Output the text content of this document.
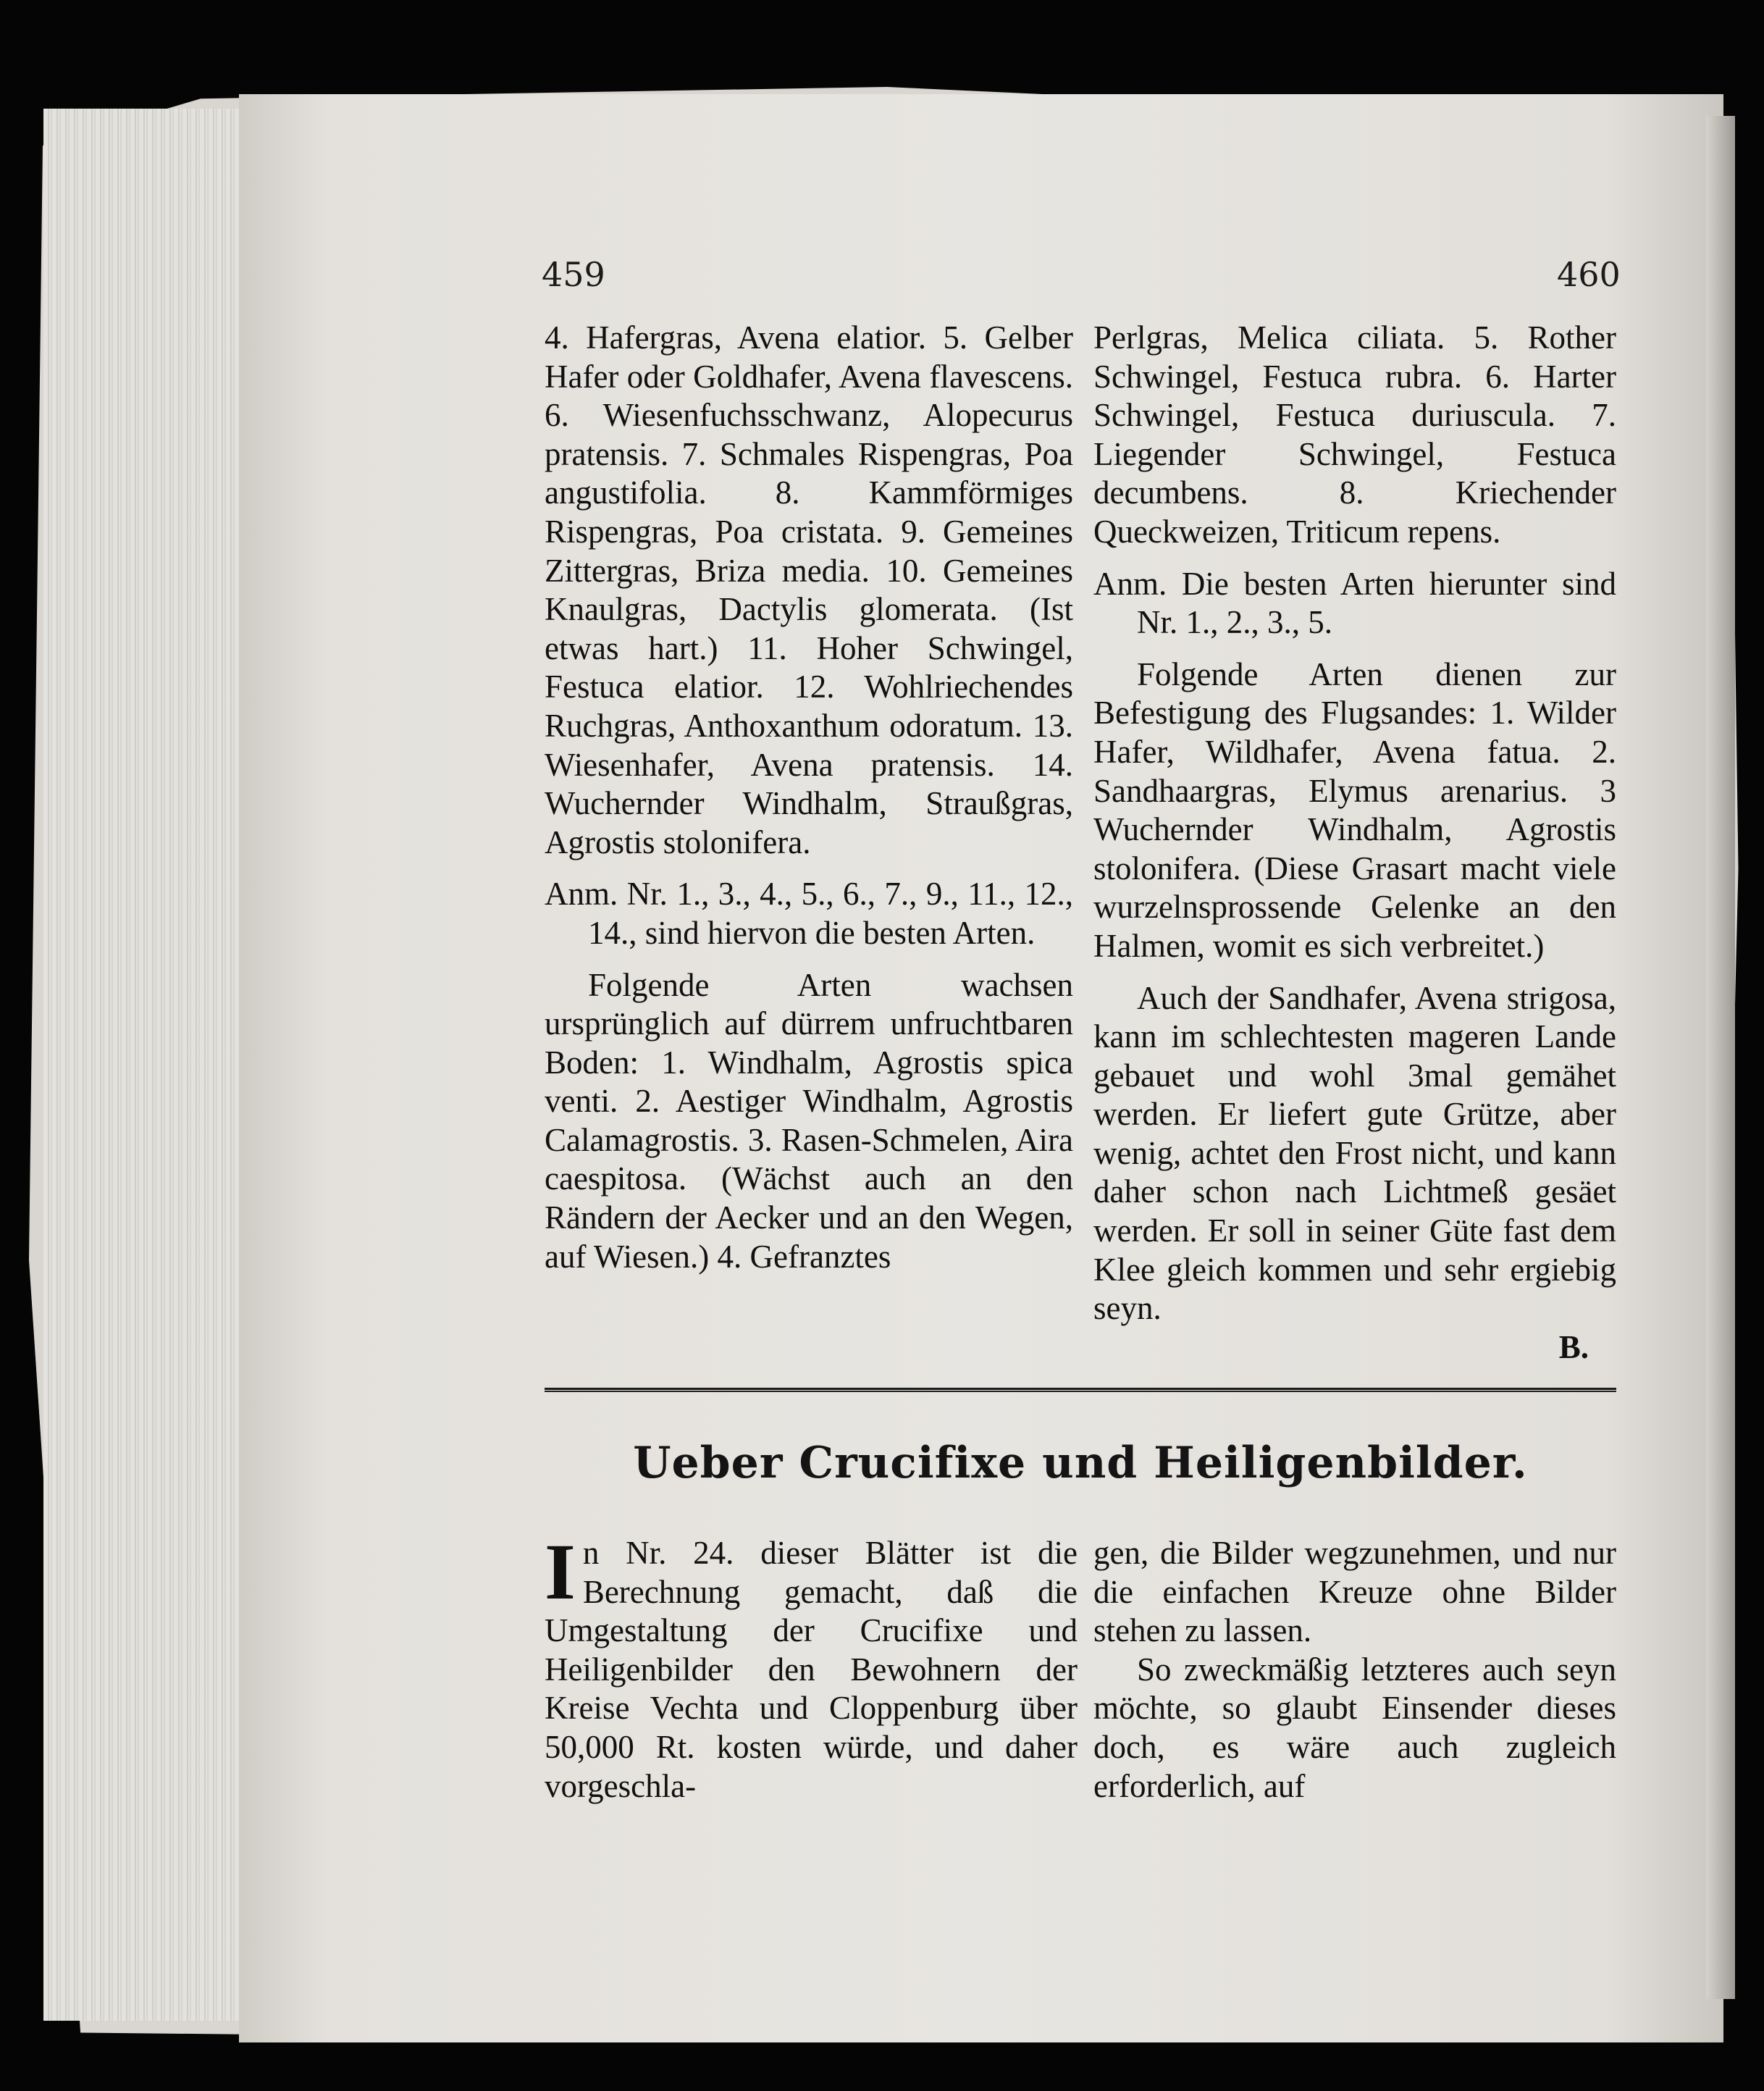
459	460

4. Hafergras, Avena elatior. 5. Gelber Hafer oder Goldhafer, Avena flavescens. 6. Wiesenfuchsschwanz, Alopecurus pratensis. 7. Schmales Rispengras, Poa angustifolia. 8. Kammförmiges Rispengras, Poa cristata. 9. Gemeines Zittergras, Briza media. 10. Gemeines Knaulgras, Dactylis glomerata. (Ist etwas hart.) 11. Hoher Schwingel, Festuca elatior. 12. Wohlriechendes Ruchgras, Anthoxanthum odoratum. 13. Wiesenhafer, Avena pratensis. 14. Wuchernder Windhalm, Straußgras, Agrostis stolonifera.

Anm. Nr. 1., 3., 4., 5., 6., 7., 9., 11., 12., 14., sind hiervon die besten Arten.

Folgende Arten wachsen ursprünglich auf dürrem unfruchtbaren Boden: 1. Windhalm, Agrostis spica venti. 2. Aestiger Windhalm, Agrostis Calamagrostis. 3. Rasen-Schmelen, Aira caespitosa. (Wächst auch an den Rändern der Aecker und an den Wegen, auf Wiesen.) 4. Gefranztes

Perlgras, Melica ciliata. 5. Rother Schwingel, Festuca rubra. 6. Harter Schwingel, Festuca duriuscula. 7. Liegender Schwingel, Festuca decumbens. 8. Kriechender Queckweizen, Triticum repens.

Anm. Die besten Arten hierunter sind Nr. 1., 2., 3., 5.

Folgende Arten dienen zur Befestigung des Flugsandes: 1. Wilder Hafer, Wildhafer, Avena fatua. 2. Sandhaargras, Elymus arenarius. 3 Wuchernder Windhalm, Agrostis stolonifera. (Diese Grasart macht viele wurzelnsprossende Gelenke an den Halmen, womit es sich verbreitet.)

Auch der Sandhafer, Avena strigosa, kann im schlechtesten mageren Lande gebauet und wohl 3mal gemähet werden. Er liefert gute Grütze, aber wenig, achtet den Frost nicht, und kann daher schon nach Lichtmeß gesäet werden. Er soll in seiner Güte fast dem Klee gleich kommen und sehr ergiebig seyn.

B.

Ueber Crucifixe und Heiligenbilder.

In Nr. 24. dieser Blätter ist die Berechnung gemacht, daß die Umgestaltung der Crucifixe und Heiligenbilder den Bewohnern der Kreise Vechta und Cloppenburg über 50,000 Rt. kosten würde, und daher vorgeschla-

gen, die Bilder wegzunehmen, und nur die einfachen Kreuze ohne Bilder stehen zu lassen.

So zweckmäßig letzteres auch seyn möchte, so glaubt Einsender dieses doch, es wäre auch zugleich erforderlich, auf
